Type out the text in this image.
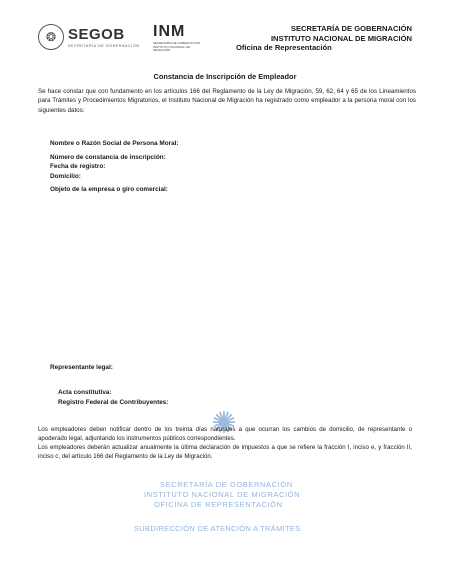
❂ SEGOB
SECRETARÍA DE GOBERNACIÓN
INM
SECRETARÍA DE GOBERNACIÓN INSTITUTO NACIONAL DE MIGRACIÓN
SECRETARÍA DE GOBERNACIÓN
INSTITUTO NACIONAL DE MIGRACIÓN
Oficina de Representación
Constancia de Inscripción de Empleador
Se hace constar que con fundamento en los artículos 166 del Reglamento de la Ley de Migración, 59, 62, 64 y 65 de los Lineamientos para Trámites y Procedimientos Migratorios, el Instituto Nacional de Migración ha registrado como empleador a la persona moral con los siguientes datos:
Nombre o Razón Social de Persona Moral:
Número de constancia de inscripción:
Fecha de registro:
Domicilio:
Objeto de la empresa o giro comercial:
Representante legal:
Acta constitutiva:
Registro Federal de Contribuyentes:
✺
SECRETARÍA DE GOBERNACIÓN
INSTITUTO NACIONAL DE MIGRACIÓN
OFICINA DE REPRESENTACIÓN
SUBDIRECCIÓN DE ATENCIÓN A TRÁMITES
Los empleadores deben notificar dentro de los treinta días naturales a que ocurran los cambios de domicilio, de representante o apoderado legal, adjuntando los instrumentos públicos correspondientes.
Los empleadores deberán actualizar anualmente la última declaración de impuestos a que se refiere la fracción I, inciso e, y fracción II, inciso c, del artículo 166 del Reglamento de la Ley de Migración.
